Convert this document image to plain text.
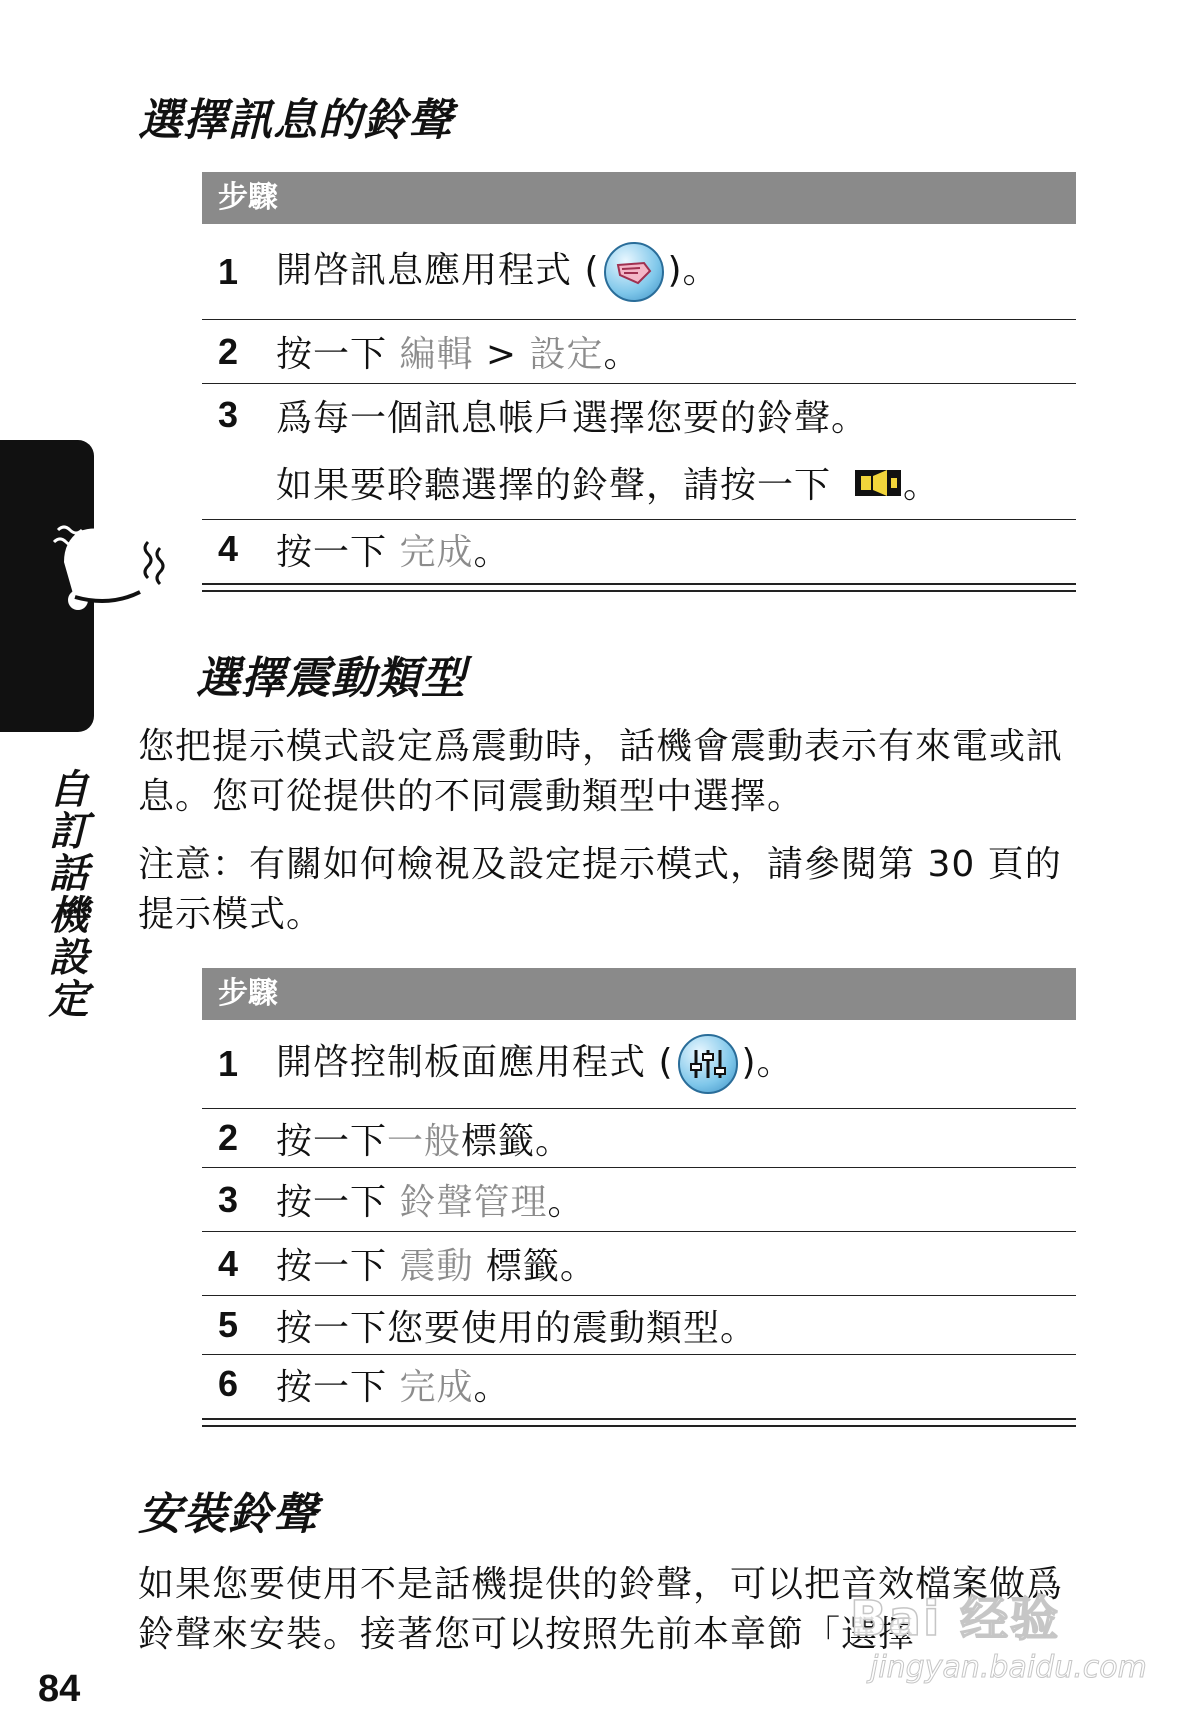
自訂話機設定
選擇訊息的鈴聲
步驟
1	開啓訊息應用程式 ( )。
2	按一下 編輯 > 設定。
3	爲每一個訊息帳戶選擇您要的鈴聲。
如果要聆聽選擇的鈴聲，請按一下 。
4	按一下 完成。
選擇震動類型

您把提示模式設定爲震動時，話機會震動表示有來電或訊息。您可從提供的不同震動類型中選擇。

注意：有關如何檢視及設定提示模式，請參閱第 30 頁的提示模式。

步驟
1	開啓控制板面應用程式 ( )。
2	按一下一般標籤。
3	按一下 鈴聲管理。
4	按一下 震動 標籤。
5	按一下您要使用的震動類型。
6	按一下 完成。
安裝鈴聲

如果您要使用不是話機提供的鈴聲，可以把音效檔案做爲鈴聲來安裝。接著您可以按照先前本章節「選擇

Bai 经验
jingyan.baidu.com
84
